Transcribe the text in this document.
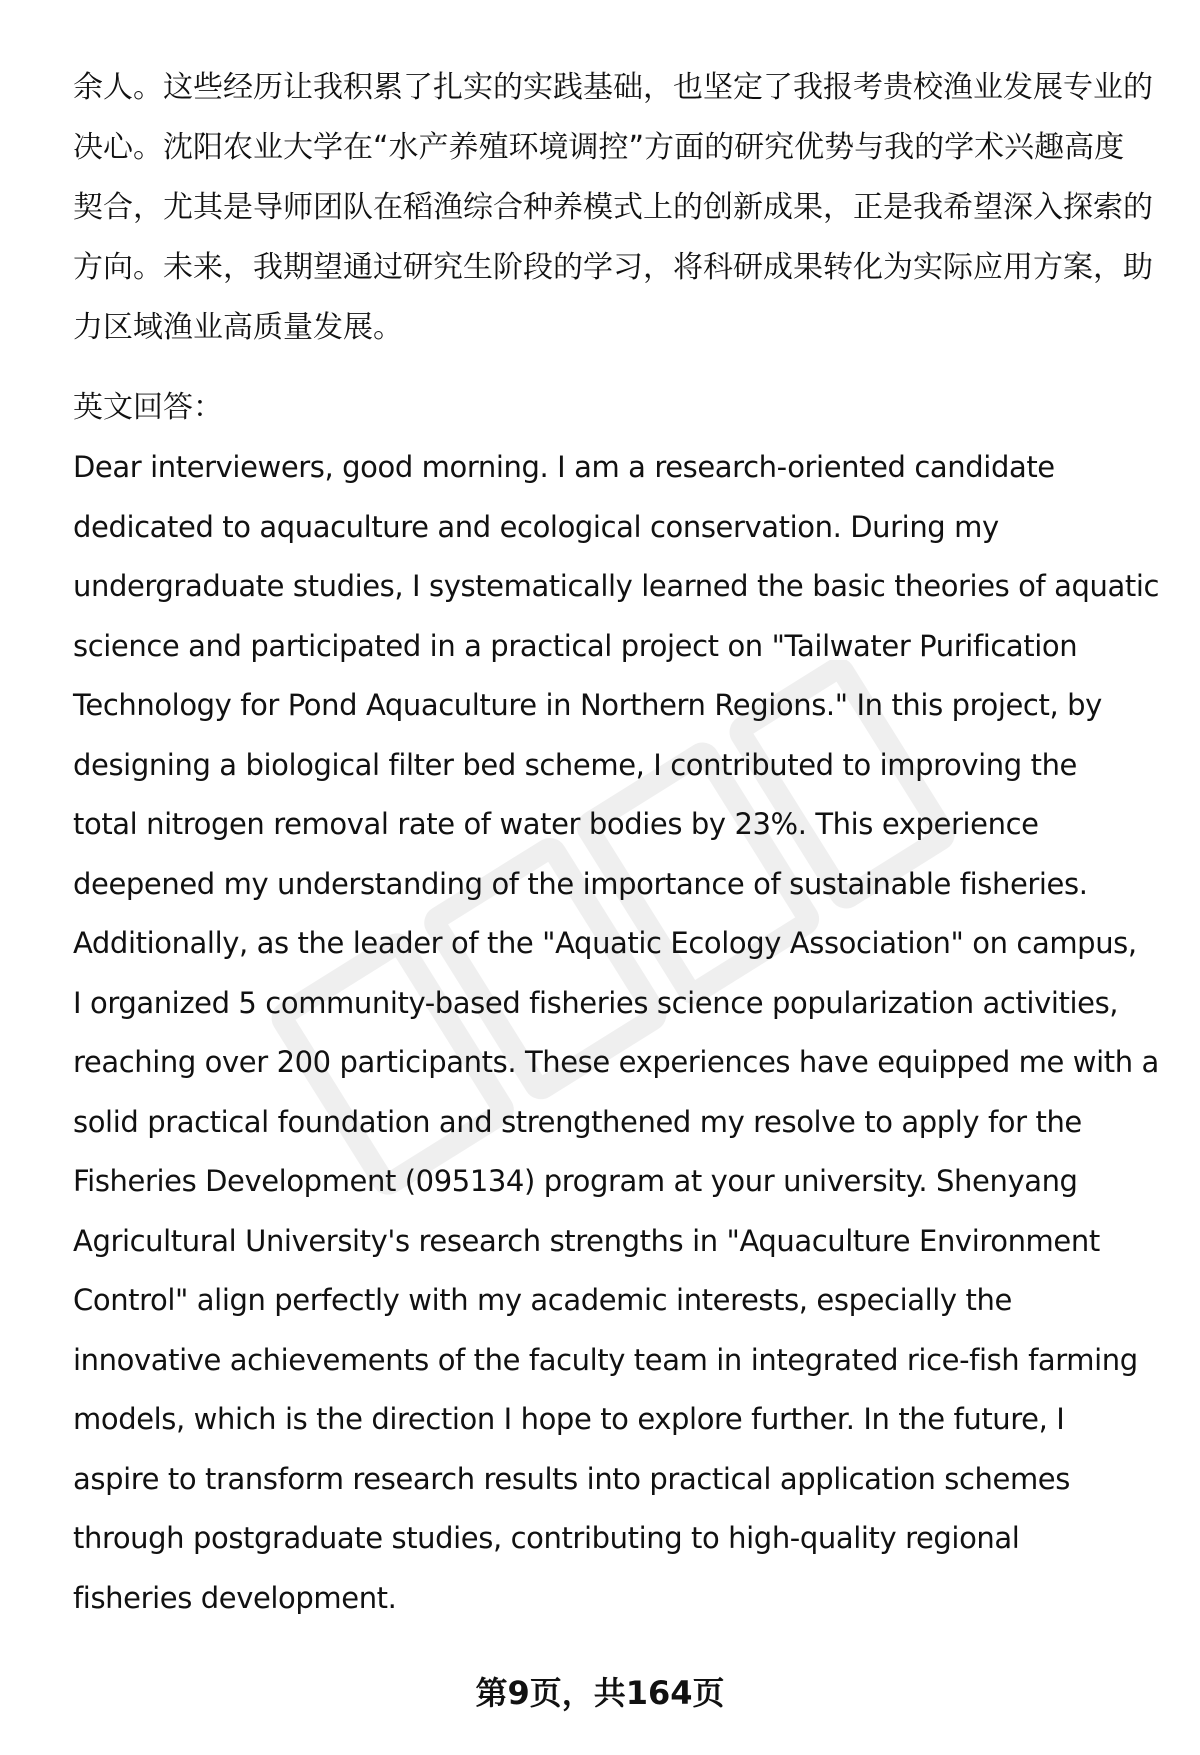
余人。这些经历让我积累了扎实的实践基础，也坚定了我报考贵校渔业发展专业的
决心。沈阳农业大学在“水产养殖环境调控”方面的研究优势与我的学术兴趣高度
契合，尤其是导师团队在稻渔综合种养模式上的创新成果，正是我希望深入探索的
方向。未来，我期望通过研究生阶段的学习，将科研成果转化为实际应用方案，助
力区域渔业高质量发展。

英文回答：

Dear interviewers, good morning. I am a research-oriented candidate
dedicated to aquaculture and ecological conservation. During my
undergraduate studies, I systematically learned the basic theories of aquatic
science and participated in a practical project on "Tailwater Purification
Technology for Pond Aquaculture in Northern Regions." In this project, by
designing a biological filter bed scheme, I contributed to improving the
total nitrogen removal rate of water bodies by 23%. This experience
deepened my understanding of the importance of sustainable fisheries.
Additionally, as the leader of the "Aquatic Ecology Association" on campus,
I organized 5 community-based fisheries science popularization activities,
reaching over 200 participants. These experiences have equipped me with a
solid practical foundation and strengthened my resolve to apply for the
Fisheries Development (095134) program at your university. Shenyang
Agricultural University's research strengths in "Aquaculture Environment
Control" align perfectly with my academic interests, especially the
innovative achievements of the faculty team in integrated rice-fish farming
models, which is the direction I hope to explore further. In the future, I
aspire to transform research results into practical application schemes
through postgraduate studies, contributing to high-quality regional
fisheries development.

第9页，共164页
